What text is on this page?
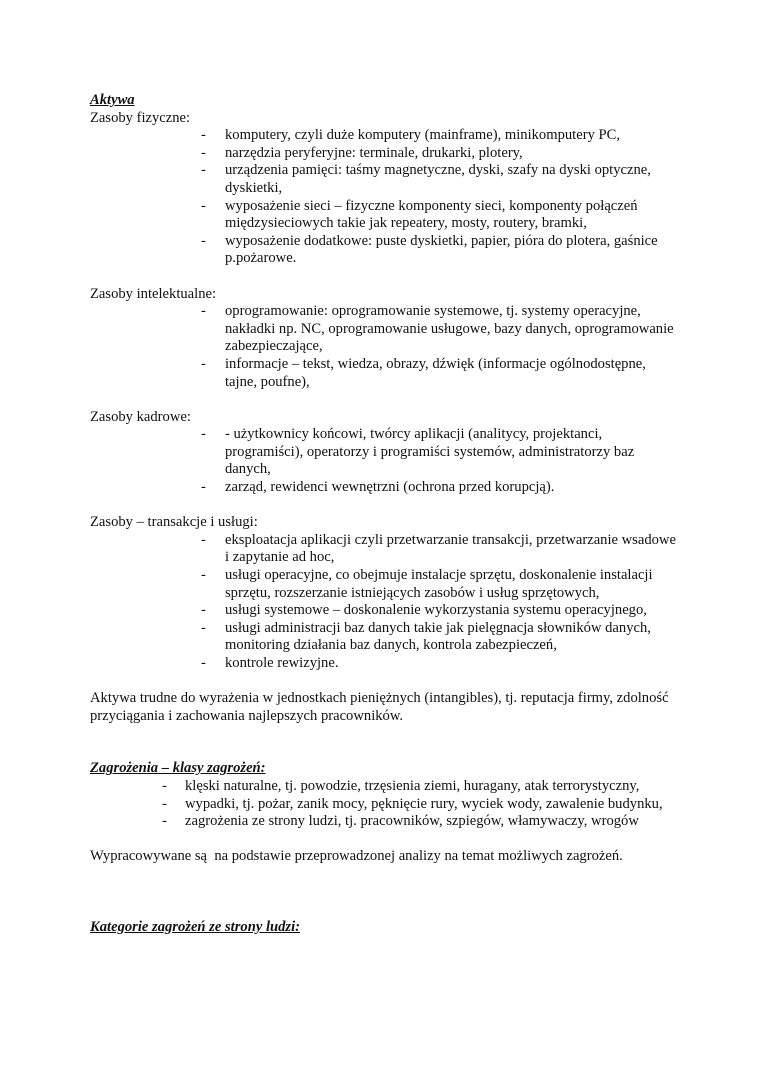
Aktywa

Zasoby fizyczne:

- komputery, czyli duże komputery (mainframe), minikomputery PC,
- narzędzia peryferyjne: terminale, drukarki, plotery,
- urządzenia pamięci: taśmy magnetyczne, dyski, szafy na dyski optyczne, dyskietki,
- wyposażenie sieci – fizyczne komponenty sieci, komponenty połączeń międzysieciowych takie jak repeatery, mosty, routery, bramki,
- wyposażenie dodatkowe: puste dyskietki, papier, pióra do plotera, gaśnice p.pożarowe.

Zasoby intelektualne:

- oprogramowanie: oprogramowanie systemowe, tj. systemy operacyjne, nakładki np. NC, oprogramowanie usługowe, bazy danych, oprogramowanie zabezpieczające,
- informacje – tekst, wiedza, obrazy, dźwięk (informacje ogólnodostępne, tajne, poufne),

Zasoby kadrowe:

- - użytkownicy końcowi, twórcy aplikacji (analitycy, projektanci, programiści), operatorzy i programiści systemów, administratorzy baz danych,
- zarząd, rewidenci wewnętrzni (ochrona przed korupcją).

Zasoby – transakcje i usługi:

- eksploatacja aplikacji czyli przetwarzanie transakcji, przetwarzanie wsadowe i zapytanie ad hoc,
- usługi operacyjne, co obejmuje instalacje sprzętu, doskonalenie instalacji sprzętu, rozszerzanie istniejących zasobów i usług sprzętowych,
- usługi systemowe – doskonalenie wykorzystania systemu operacyjnego,
- usługi administracji baz danych takie jak pielęgnacja słowników danych, monitoring działania baz danych, kontrola zabezpieczeń,
- kontrole rewizyjne.

Aktywa trudne do wyrażenia w jednostkach pieniężnych (intangibles), tj. reputacja firmy, zdolność przyciągania i zachowania najlepszych pracowników.

Zagrożenia – klasy zagrożeń:

- klęski naturalne, tj. powodzie, trzęsienia ziemi, huragany, atak terrorystyczny,
- wypadki, tj. pożar, zanik mocy, pęknięcie rury, wyciek wody, zawalenie budynku,
- zagrożenia ze strony ludzi, tj. pracowników, szpiegów, włamywaczy, wrogów

Wypracowywane są  na podstawie przeprowadzonej analizy na temat możliwych zagrożeń.

Kategorie zagrożeń ze strony ludzi:
